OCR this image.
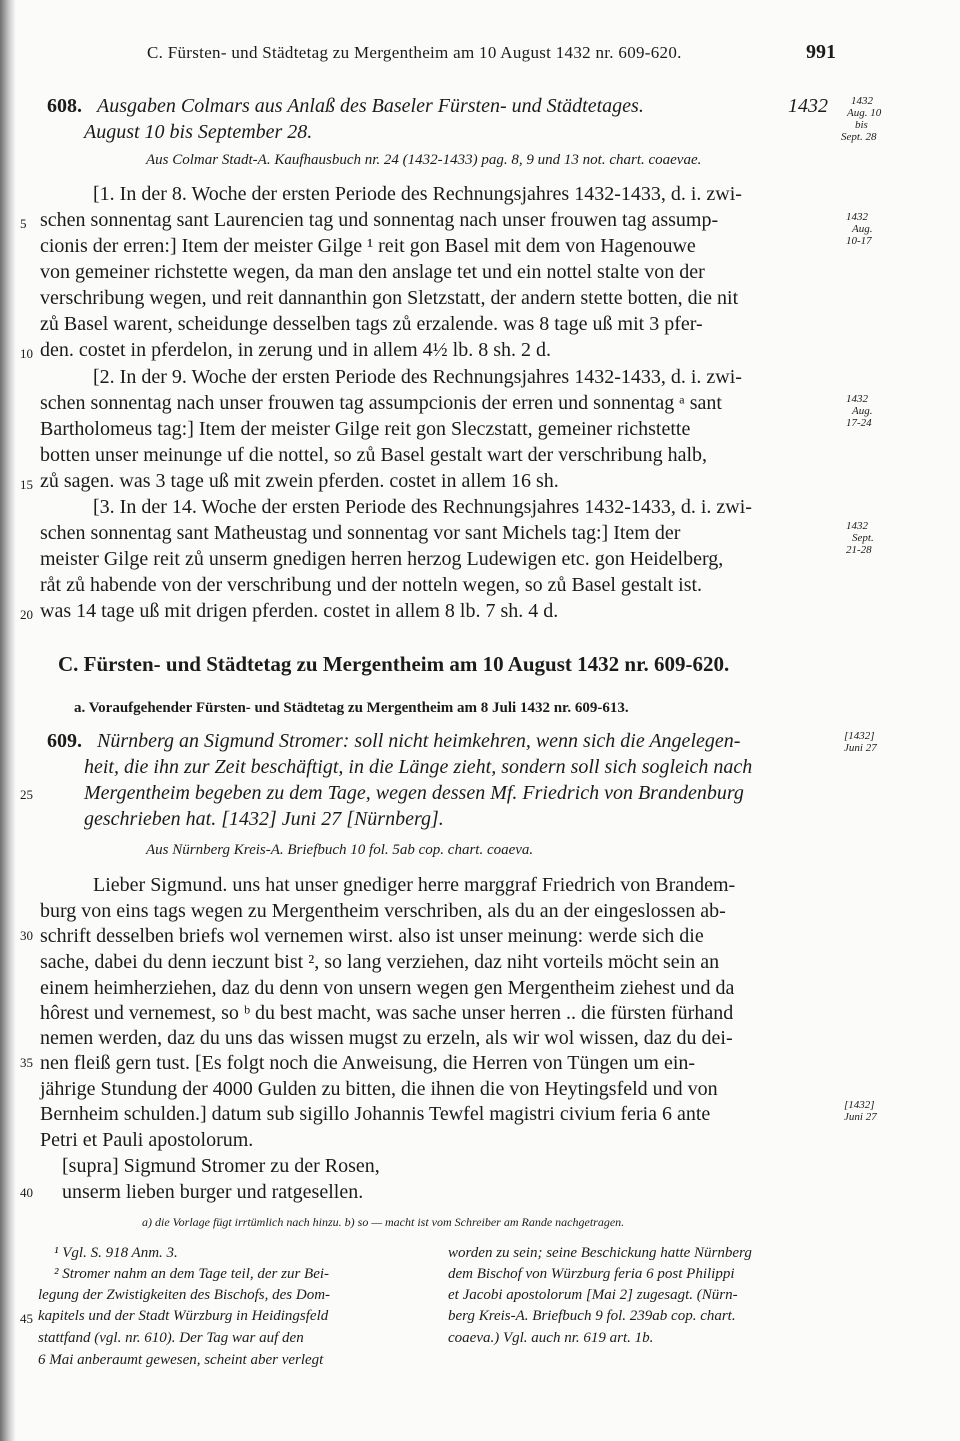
C. Fürsten- und Städtetag zu Mergentheim am 10 August 1432 nr. 609-620.	991
608. Ausgaben Colmars aus Anlaß des Baseler Fürsten- und Städtetages.	1432
August 10 bis September 28.
Aus Colmar Stadt-A. Kaufhausbuch nr. 24 (1432-1433) pag. 8, 9 und 13 not. chart. coaevae.
1432
Aug. 10
bis
Sept. 28
[1. In der 8. Woche der ersten Periode des Rechnungsjahres 1432-1433, d. i. zwi-
schen sonnentag sant Laurencien tag und sonnentag nach unser frouwen tag assump-
cionis der erren:] Item der meister Gilge ¹ reit gon Basel mit dem von Hagenouwe
von gemeiner richstette wegen, da man den anslage tet und ein nottel stalte von der
verschribung wegen, und reit dannanthin gon Sletzstatt, der andern stette botten, die nit
zů Basel warent, scheidunge desselben tags zů erzalende. was 8 tage uß mit 3 pfer-
den. costet in pferdelon, in zerung und in allem 4½ lb. 8 sh. 2 d.
[2. In der 9. Woche der ersten Periode des Rechnungsjahres 1432-1433, d. i. zwi-
schen sonnentag nach unser frouwen tag assumpcionis der erren und sonnentag ᵃ sant
Bartholomeus tag:] Item der meister Gilge reit gon Sleczstatt, gemeiner richstette
botten unser meinunge uf die nottel, so zů Basel gestalt wart der verschribung halb,
zů sagen. was 3 tage uß mit zwein pferden. costet in allem 16 sh.
[3. In der 14. Woche der ersten Periode des Rechnungsjahres 1432-1433, d. i. zwi-
schen sonnentag sant Matheustag und sonnentag vor sant Michels tag:] Item der
meister Gilge reit zů unserm gnedigen herren herzog Ludewigen etc. gon Heidelberg,
råt zů habende von der verschribung und der notteln wegen, so zů Basel gestalt ist.
was 14 tage uß mit drigen pferden. costet in allem 8 lb. 7 sh. 4 d.
1432
Aug.
10-17
1432
Aug.
17-24
1432
Sept.
21-28
5
10
15
20
25
30
35
40
45
C. Fürsten- und Städtetag zu Mergentheim am 10 August 1432 nr. 609-620.
a. Voraufgehender Fürsten- und Städtetag zu Mergentheim am 8 Juli 1432 nr. 609-613.
609. Nürnberg an Sigmund Stromer: soll nicht heimkehren, wenn sich die Angelegen-
heit, die ihn zur Zeit beschäftigt, in die Länge zieht, sondern soll sich sogleich nach
Mergentheim begeben zu dem Tage, wegen dessen Mf. Friedrich von Brandenburg
geschrieben hat. [1432] Juni 27 [Nürnberg].
[1432]
Juni 27
Aus Nürnberg Kreis-A. Briefbuch 10 fol. 5ab cop. chart. coaeva.
Lieber Sigmund. uns hat unser gnediger herre marggraf Friedrich von Brandem-
burg von eins tags wegen zu Mergentheim verschriben, als du an der eingeslossen ab-
schrift desselben briefs wol vernemen wirst. also ist unser meinung: werde sich die
sache, dabei du denn ieczunt bist ², so lang verziehen, daz niht vorteils möcht sein an
einem heimherziehen, daz du denn von unsern wegen gen Mergentheim ziehest und da
hôrest und vernemest, so ᵇ du best macht, was sache unser herren .. die fürsten fürhand
nemen werden, daz du uns das wissen mugst zu erzeln, als wir wol wissen, daz du dei-
nen fleiß gern tust. [Es folgt noch die Anweisung, die Herren von Tüngen um ein-
jährige Stundung der 4000 Gulden zu bitten, die ihnen die von Heytingsfeld und von
Bernheim schulden.] datum sub sigillo Johannis Tewfel magistri civium feria 6 ante
Petri et Pauli apostolorum.
[1432]
Juni 27
[supra] Sigmund Stromer zu der Rosen,
unserm lieben burger und ratgesellen.
a) die Vorlage fügt irrtümlich nach hinzu. b) so — macht ist vom Schreiber am Rande nachgetragen.
¹ Vgl. S. 918 Anm. 3.
² Stromer nahm an dem Tage teil, der zur Bei-
legung der Zwistigkeiten des Bischofs, des Dom-
kapitels und der Stadt Würzburg in Heidingsfeld
stattfand (vgl. nr. 610). Der Tag war auf den
6 Mai anberaumt gewesen, scheint aber verlegt
worden zu sein; seine Beschickung hatte Nürnberg
dem Bischof von Würzburg feria 6 post Philippi
et Jacobi apostolorum [Mai 2] zugesagt. (Nürn-
berg Kreis-A. Briefbuch 9 fol. 239ab cop. chart.
coaeva.) Vgl. auch nr. 619 art. 1b.
